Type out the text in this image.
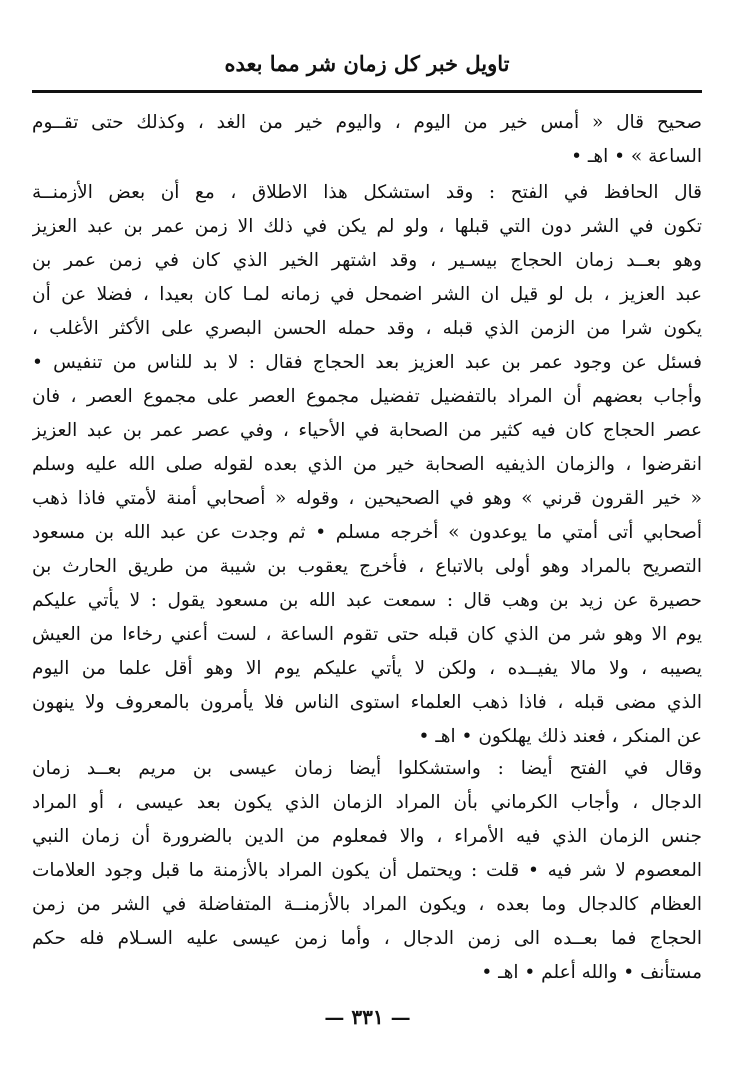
تاويل خبر كل زمان شر مما بعده
صحيح قال « أمس خير من اليوم ، واليوم خير من الغد ، وكذلك حتى تقــوم
الساعة » • اهـ •
قال الحافظ في الفتح : وقد استشكل هذا الاطلاق ، مع أن بعض الأزمنــة
تكون في الشر دون التي قبلها ، ولو لم يكن في ذلك الا زمن عمر بن عبد العزيز
وهو بعــد زمان الحجاج بيسـير ، وقد اشتهر الخير الذي كان في زمن عمر بن
عبد العزيز ، بل لو قيل ان الشر اضمحل في زمانه لمـا كان بعيدا ، فضلا عن أن
يكون شرا من الزمن الذي قبله ، وقد حمله الحسن البصري على الأكثر الأغلب ،
فسئل عن وجود عمر بن عبد العزيز بعد الحجاج فقال : لا بد للناس من تنفيس •
وأجاب بعضهم أن المراد بالتفضيل تفضيل مجموع العصر على مجموع العصر ، فان
عصر الحجاج كان فيه كثير من الصحابة في الأحياء ، وفي عصر عمر بن عبد العزيز
انقرضوا ، والزمان الذيفيه الصحابة خير من الذي بعده لقوله صلى الله عليه وسلم
« خير القرون قرني » وهو في الصحيحين ، وقوله « أصحابي أمنة لأمتي فاذا ذهب
أصحابي أتى أمتي ما يوعدون » أخرجه مسلم • ثم وجدت عن عبد الله بن مسعود
التصريح بالمراد وهو أولى بالاتباع ، فأخرج يعقوب بن شيبة من طريق الحارث بن
حصيرة عن زيد بن وهب قال : سمعت عبد الله بن مسعود يقول : لا يأتي عليكم
يوم الا وهو شر من الذي كان قبله حتى تقوم الساعة ، لست أعني رخاءا من العيش
يصيبه ، ولا مالا يفيــده ، ولكن لا يأتي عليكم يوم الا وهو أقل علما من اليوم
الذي مضى قبله ، فاذا ذهب العلماء استوى الناس فلا يأمرون بالمعروف ولا ينهون
عن المنكر ، فعند ذلك يهلكون • اهـ •
وقال في الفتح أيضا : واستشكلوا أيضا زمان عيسى بن مريم بعــد زمان
الدجال ، وأجاب الكرماني بأن المراد الزمان الذي يكون بعد عيسى ، أو المراد
جنس الزمان الذي فيه الأمراء ، والا فمعلوم من الدين بالضرورة أن زمان النبي
المعصوم لا شر فيه • قلت : ويحتمل أن يكون المراد بالأزمنة ما قبل وجود العلامات
العظام كالدجال وما بعده ، ويكون المراد بالأزمنــة المتفاضلة في الشر من زمن
الحجاج فما بعــده الى زمن الدجال ، وأما زمن عيسى عليه السـلام فله حكم
مستأنف • والله أعلم • اهـ •
— ٣٣١ —
